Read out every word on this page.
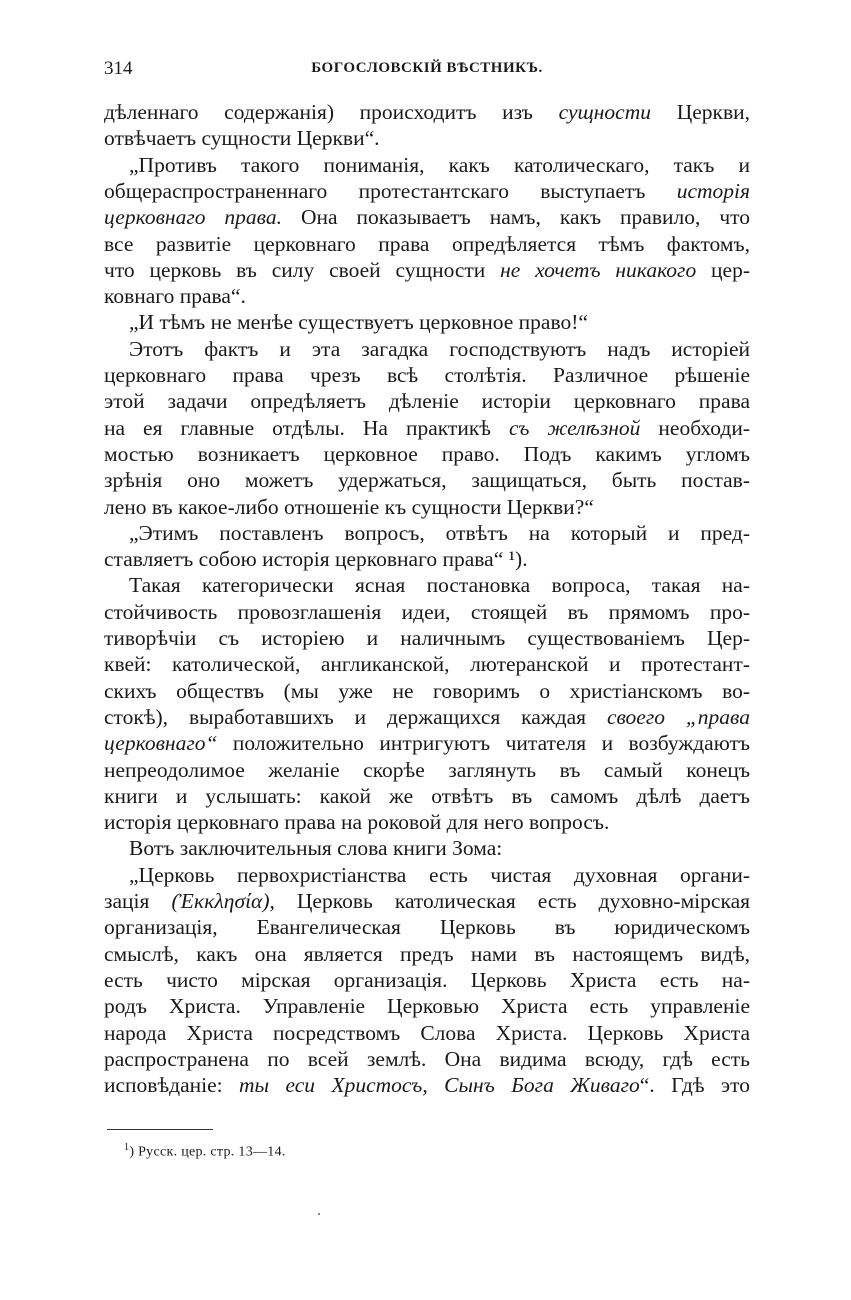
314	БОГОСЛОВСКІЙ ВѢСТНИКЪ.
дѣленнаго содержанія) происходитъ изъ сущности Церкви,
отвѣчаетъ сущности Церкви“.
„Противъ такого пониманія, какъ католическаго, такъ и
общераспространеннаго протестантскаго выступаетъ исторія
церковнаго права. Она показываетъ намъ, какъ правило, что
все развитіе церковнаго права опредѣляется тѣмъ фактомъ,
что церковь въ силу своей сущности не хочетъ никакого цер-
ковнаго права“.
„И тѣмъ не менѣе существуетъ церковное право!“
Этотъ фактъ и эта загадка господствуютъ надъ исторіей
церковнаго права чрезъ всѣ столѣтія. Различное рѣшеніе
этой задачи опредѣляетъ дѣленіе исторіи церковнаго права
на ея главные отдѣлы. На практикѣ съ желѣзной необходи-
мостью возникаетъ церковное право. Подъ какимъ угломъ
зрѣнія оно можетъ удержаться, защищаться, быть постав-
лено въ какое-либо отношеніе къ сущности Церкви?“
„Этимъ поставленъ вопросъ, отвѣтъ на который и пред-
ставляетъ собою исторія церковнаго права“ ¹).
Такая категорически ясная постановка вопроса, такая на-
стойчивость провозглашенія идеи, стоящей въ прямомъ про-
тиворѣчіи съ исторіею и наличнымъ существованіемъ Цер-
квей: католической, англиканской, лютеранской и протестант-
скихъ обществъ (мы уже не говоримъ о христіанскомъ во-
стокѣ), выработавшихъ и держащихся каждая своего „права
церковнаго“ положительно интригуютъ читателя и возбуждаютъ
непреодолимое желаніе скорѣе заглянуть въ самый конецъ
книги и услышать: какой же отвѣтъ въ самомъ дѣлѣ даетъ
исторія церковнаго права на роковой для него вопросъ.
Вотъ заключительныя слова книги Зома:
„Церковь первохристіанства есть чистая духовная органи-
зація (Ἐκκλησία), Церковь католическая есть духовно-мірская
организація, Евангелическая Церковь въ юридическомъ
смыслѣ, какъ она является предъ нами въ настоящемъ видѣ,
есть чисто мірская организація. Церковь Христа есть на-
родъ Христа. Управленіе Церковью Христа есть управленіе
народа Христа посредствомъ Слова Христа. Церковь Христа
распространена по всей землѣ. Она видима всюду, гдѣ есть
исповѣданіе: ты еси Христосъ, Сынъ Бога Живаго“. Гдѣ это
$^1$) Русск. цер. стр. 13—14.
